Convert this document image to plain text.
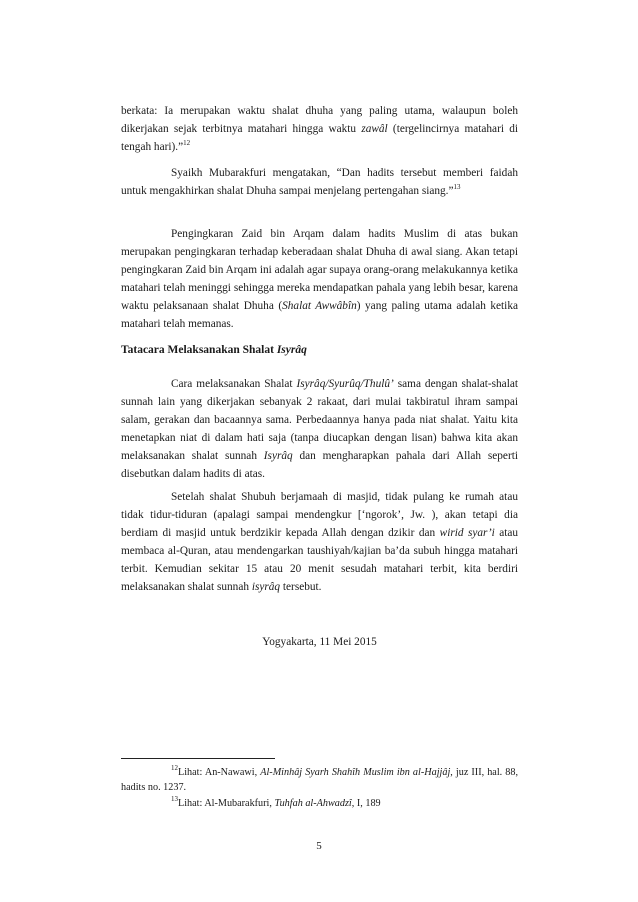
berkata: Ia merupakan waktu shalat dhuha yang paling utama, walaupun boleh dikerjakan sejak terbitnya matahari hingga waktu zawâl (tergelincirnya matahari di tengah hari).”$^{12}$

Syaikh Mubarakfuri mengatakan, “Dan hadits tersebut memberi faidah untuk mengakhirkan shalat Dhuha sampai menjelang pertengahan siang.”$^{13}$

Pengingkaran Zaid bin Arqam dalam hadits Muslim di atas bukan merupakan pengingkaran terhadap keberadaan shalat Dhuha di awal siang. Akan tetapi pengingkaran Zaid bin Arqam ini adalah agar supaya orang-orang melakukannya ketika matahari telah meninggi sehingga mereka mendapatkan pahala yang lebih besar, karena waktu pelaksanaan shalat Dhuha (Shalat Awwâbîn) yang paling utama adalah ketika matahari telah memanas.

Tatacara Melaksanakan Shalat Isyrâq

Cara melaksanakan Shalat Isyrâq/Syurûq/Thulû’ sama dengan shalat-shalat sunnah lain yang dikerjakan sebanyak 2 rakaat, dari mulai takbiratul ihram sampai salam, gerakan dan bacaannya sama. Perbedaannya hanya pada niat shalat. Yaitu kita menetapkan niat di dalam hati saja (tanpa diucapkan dengan lisan) bahwa kita akan melaksanakan shalat sunnah Isyrâq dan mengharapkan pahala dari Allah seperti disebutkan dalam hadits di atas.

Setelah shalat Shubuh berjamaah di masjid, tidak pulang ke rumah atau tidak tidur-tiduran (apalagi sampai mendengkur [‘ngorok’, Jw. ), akan tetapi dia berdiam di masjid untuk berdzikir kepada Allah dengan dzikir dan wirid syar’i atau membaca al-Quran, atau mendengarkan taushiyah/kajian ba’da subuh hingga matahari terbit. Kemudian sekitar 15 atau 20 menit sesudah matahari terbit, kita berdiri melaksanakan shalat sunnah isyrâq tersebut.

Yogyakarta, 11 Mei 2015

$^{12}$Lihat: An-Nawawi, Al-Minhâj Syarh Shahîh Muslim ibn al-Hajjâj, juz III, hal. 88, hadits no. 1237.

$^{13}$Lihat: Al-Mubarakfuri, Tuhfah al-Ahwadzî, I, 189

5
